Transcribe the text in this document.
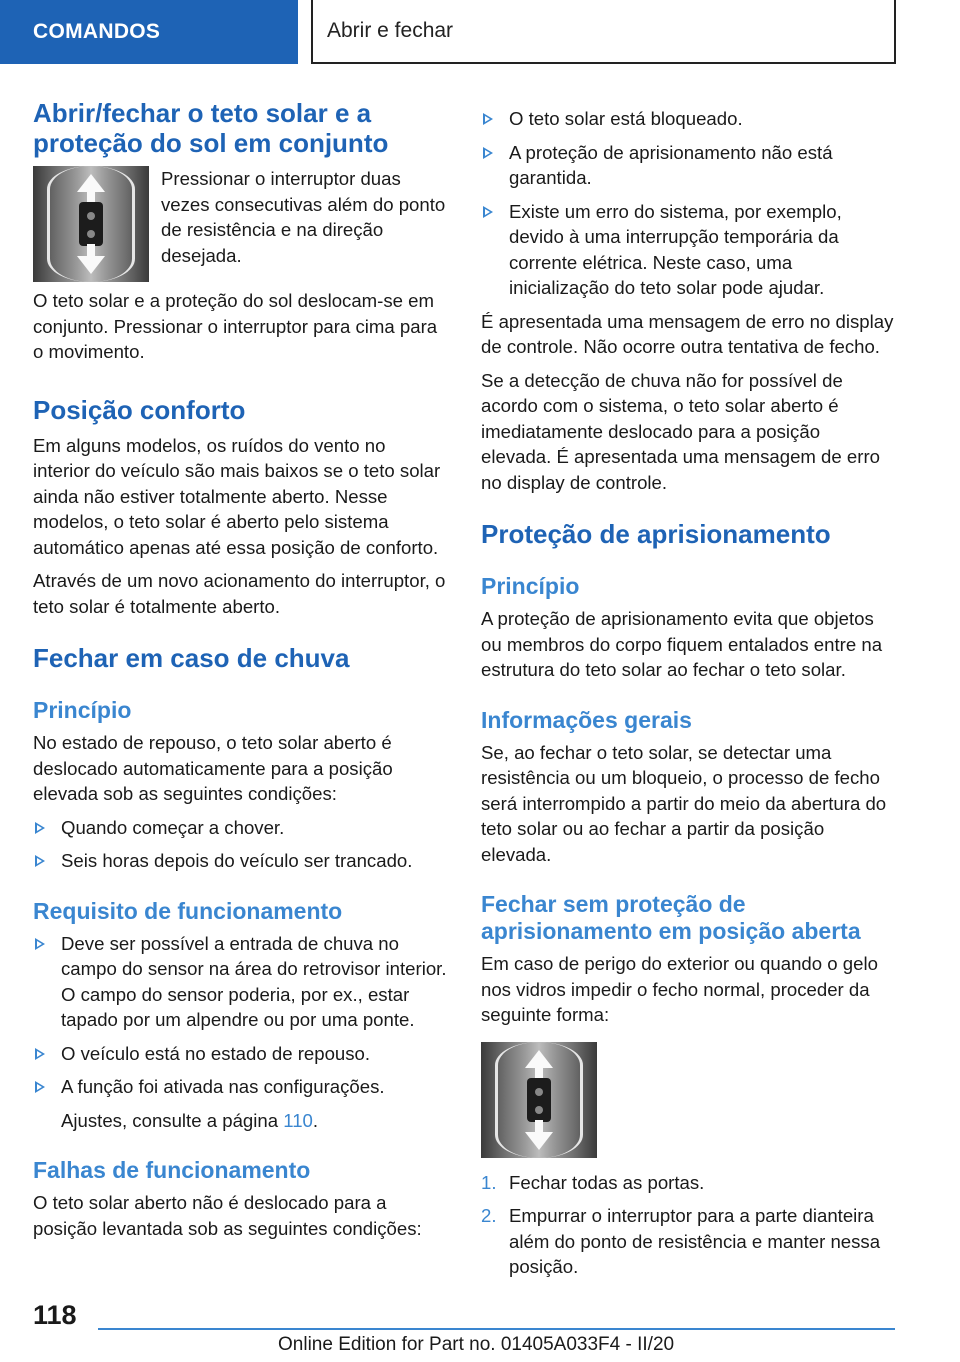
COMANDOS	Abrir e fechar
Abrir/fechar o teto solar e a proteção do sol em conjunto

Pressionar o interruptor duas vezes consecutivas além do ponto de resistência e na direção desejada.

O teto solar e a proteção do sol deslocam-se em conjunto. Pressionar o interruptor para cima para o movimento.

Posição conforto

Em alguns modelos, os ruídos do vento no interior do veículo são mais baixos se o teto solar ainda não estiver totalmente aberto. Nesse modelos, o teto solar é aberto pelo sistema automático apenas até essa posição de conforto.

Através de um novo acionamento do interruptor, o teto solar é totalmente aberto.

Fechar em caso de chuva
Princípio

No estado de repouso, o teto solar aberto é deslocado automaticamente para a posição elevada sob as seguintes condições:

Quando começar a chover.
Seis horas depois do veículo ser trancado.
Requisito de funcionamento
Deve ser possível a entrada de chuva no campo do sensor na área do retrovisor interior. O campo do sensor poderia, por ex., estar tapado por um alpendre ou por uma ponte.
O veículo está no estado de repouso.
A função foi ativada nas configurações.

Ajustes, consulte a página 110.

Falhas de funcionamento

O teto solar aberto não é deslocado para a posição levantada sob as seguintes condições:

O teto solar está bloqueado.
A proteção de aprisionamento não está garantida.
Existe um erro do sistema, por exemplo, devido à uma interrupção temporária da corrente elétrica. Neste caso, uma inicialização do teto solar pode ajudar.

É apresentada uma mensagem de erro no display de controle. Não ocorre outra tentativa de fecho.

Se a detecção de chuva não for possível de acordo com o sistema, o teto solar aberto é imediatamente deslocado para a posição elevada. É apresentada uma mensagem de erro no display de controle.

Proteção de aprisionamento
Princípio

A proteção de aprisionamento evita que objetos ou membros do corpo fiquem entalados entre na estrutura do teto solar ao fechar o teto solar.

Informações gerais

Se, ao fechar o teto solar, se detectar uma resistência ou um bloqueio, o processo de fecho será interrompido a partir do meio da abertura do teto solar ou ao fechar a partir da posição elevada.

Fechar sem proteção de aprisionamento em posição aberta

Em caso de perigo do exterior ou quando o gelo nos vidros impedir o fecho normal, proceder da seguinte forma:

1. Fechar todas as portas.
2. Empurrar o interruptor para a parte dianteira além do ponto de resistência e manter nessa posição.
118
Online Edition for Part no. 01405A033F4 - II/20
